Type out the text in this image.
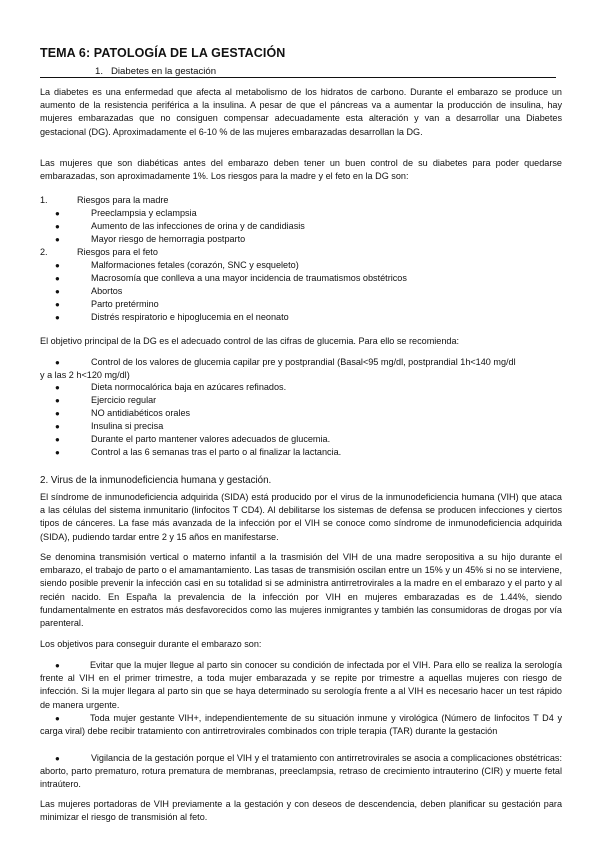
TEMA 6: PATOLOGÍA DE LA GESTACIÓN
1. Diabetes en la gestación

La diabetes es una enfermedad que afecta al metabolismo de los hidratos de carbono. Durante el embarazo se produce un aumento de la resistencia periférica a la insulina. A pesar de que el páncreas va a aumentar la producción de insulina, hay mujeres embarazadas que no consiguen compensar adecuadamente esta alteración y van a desarrollar una Diabetes gestacional (DG). Aproximadamente el 6-10 % de las mujeres embarazadas desarrollan la DG.

Las mujeres que son diabéticas antes del embarazo deben tener un buen control de su diabetes para poder quedarse embarazadas, son aproximadamente 1%. Los riesgos para la madre y el feto en la DG son:

1.	Riesgos para la madre
●	Preeclampsia y eclampsia
●	Aumento de las infecciones de orina y de candidiasis
●	Mayor riesgo de hemorragia postparto
2.	Riesgos para el feto
●	Malformaciones fetales (corazón, SNC y esqueleto)
●	Macrosomía que conlleva a una mayor incidencia de traumatismos obstétricos
●	Abortos
●	Parto pretérmino
●	Distrés respiratorio e hipoglucemia en el neonato

El objetivo principal de la DG es el adecuado control de las cifras de glucemia. Para ello se recomienda:

●	Control de los valores de glucemia capilar pre y postprandial (Basal<95 mg/dl, postprandial 1h<140 mg/dl
y a las 2 h<120 mg/dl)
●	Dieta normocalórica baja en azúcares refinados.
●	Ejercicio regular
●	NO antidiabéticos orales
●	Insulina si precisa
●	Durante el parto mantener valores adecuados de glucemia.
●	Control a las 6 semanas tras el parto o al finalizar la lactancia.
2. Virus de la inmunodeficiencia humana y gestación.

El síndrome de inmunodeficiencia adquirida (SIDA) está producido por el virus de la inmunodeficiencia humana (VIH) que ataca a las células del sistema inmunitario (linfocitos T CD4). Al debilitarse los sistemas de defensa se producen infecciones y ciertos tipos de cánceres. La fase más avanzada de la infección por el VIH se conoce como síndrome de inmunodeficiencia adquirida (SIDA), pudiendo tardar entre 2 y 15 años en manifestarse.

Se denomina transmisión vertical o materno infantil a la trasmisión del VIH de una madre seropositiva a su hijo durante el embarazo, el trabajo de parto o el amamantamiento. Las tasas de transmisión oscilan entre un 15% y un 45% si no se interviene, siendo posible prevenir la infección casi en su totalidad si se administra antirretrovirales a la madre en el embarazo y el parto y al recién nacido. En España la prevalencia de la infección por VIH en mujeres embarazadas es de 1.44%, siendo fundamentalmente en estratos más desfavorecidos como las mujeres inmigrantes y también las consumidoras de drogas por vía parenteral.

Los objetivos para conseguir durante el embarazo son:

●	Evitar que la mujer llegue al parto sin conocer su condición de infectada por el VIH. Para ello se realiza la serología frente al VIH en el primer trimestre, a toda mujer embarazada y se repite por trimestre a aquellas mujeres con riesgo de infección. Si la mujer llegara al parto sin que se haya determinado su serología frente a al VIH es necesario hacer un test rápido de manera urgente.

●	Toda mujer gestante VIH+, independientemente de su situación inmune y virológica (Número de linfocitos T D4 y carga viral) debe recibir tratamiento con antirretrovirales combinados con triple terapia (TAR) durante la gestación

●	Vigilancia de la gestación porque el VIH y el tratamiento con antirretrovirales se asocia a complicaciones obstétricas: aborto, parto prematuro, rotura prematura de membranas, preeclampsia, retraso de crecimiento intrauterino (CIR) y muerte fetal intraútero.

Las mujeres portadoras de VIH previamente a la gestación y con deseos de descendencia, deben planificar su gestación para minimizar el riesgo de transmisión al feto.
